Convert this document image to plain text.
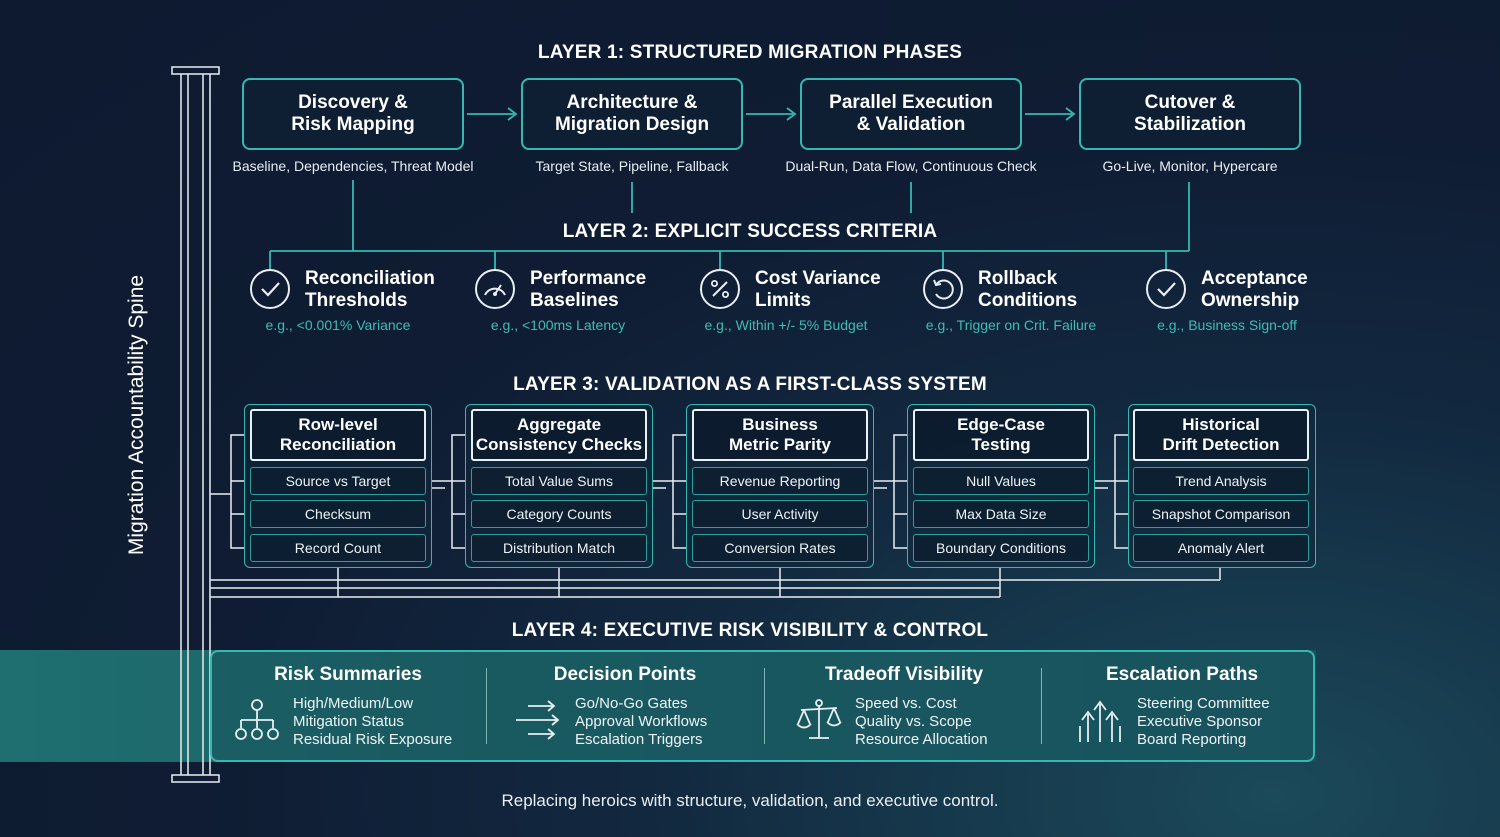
Migration Accountability Spine
LAYER 1: STRUCTURED MIGRATION PHASES
Discovery &
Risk Mapping
Architecture &
Migration Design
Parallel Execution
& Validation
Cutover &
Stabilization
Baseline, Dependencies, Threat Model	Target State, Pipeline, Fallback	Dual-Run, Data Flow, Continuous Check	Go-Live, Monitor, Hypercare
LAYER 2: EXPLICIT SUCCESS CRITERIA
Reconciliation
Thresholds
Performance
Baselines
Cost Variance
Limits
Rollback
Conditions
Acceptance
Ownership
e.g., <0.001% Variance	e.g., <100ms Latency	e.g., Within +/- 5% Budget	e.g., Trigger on Crit. Failure	e.g., Business Sign-off
LAYER 3: VALIDATION AS A FIRST-CLASS SYSTEM
Row-level
Reconciliation
Aggregate
Consistency Checks
Business
Metric Parity
Edge-Case
Testing
Historical
Drift Detection
Source vs Target
Checksum
Record Count
Total Value Sums
Category Counts
Distribution Match
Revenue Reporting
User Activity
Conversion Rates
Null Values
Max Data Size
Boundary Conditions
Trend Analysis
Snapshot Comparison
Anomaly Alert
LAYER 4: EXECUTIVE RISK VISIBILITY & CONTROL
Risk Summaries	Decision Points	Tradeoff Visibility	Escalation Paths
High/Medium/Low
Mitigation Status
Residual Risk Exposure
Go/No-Go Gates
Approval Workflows
Escalation Triggers
Speed vs. Cost
Quality vs. Scope
Resource Allocation
Steering Committee
Executive Sponsor
Board Reporting
Replacing heroics with structure, validation, and executive control.
